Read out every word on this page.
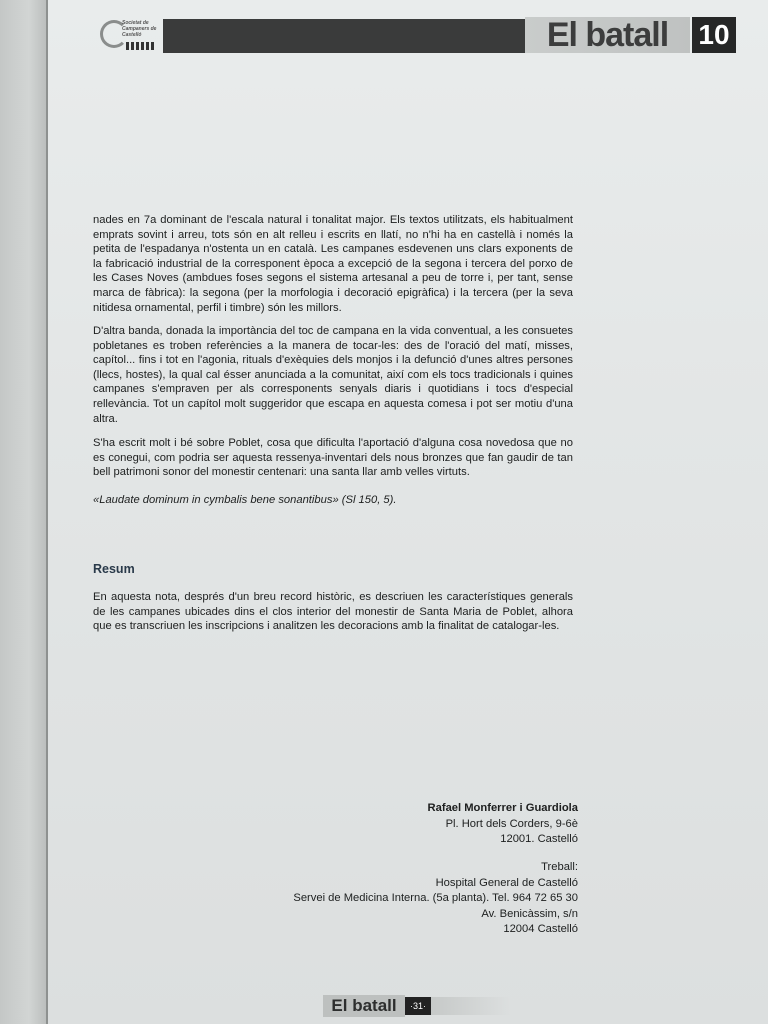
Societat de Campaners de Castelló	El batall	10

nades en 7a dominant de l'escala natural i tonalitat major. Els textos utilitzats, els habitualment emprats sovint i arreu, tots són en alt relleu i escrits en llatí, no n'hi ha en castellà i només la petita de l'espadanya n'ostenta un en català. Les campanes esdevenen uns clars exponents de la fabricació industrial de la corresponent època a excepció de la segona i tercera del porxo de les Cases Noves (ambdues foses segons el sistema artesanal a peu de torre i, per tant, sense marca de fàbrica): la segona (per la morfologia i decoració epigràfica) i la tercera (per la seva nitidesa ornamental, perfil i timbre) són les millors.

D'altra banda, donada la importància del toc de campana en la vida conventual, a les consuetes pobletanes es troben referències a la manera de tocar-les: des de l'oració del matí, misses, capítol... fins i tot en l'agonia, rituals d'exèquies dels monjos i la defunció d'unes altres persones (llecs, hostes), la qual cal ésser anunciada a la comunitat, així com els tocs tradicionals i quines campanes s'empraven per als corresponents senyals diaris i quotidians i tocs d'especial rellevància. Tot un capítol molt suggeridor que escapa en aquesta comesa i pot ser motiu d'una altra.

S'ha escrit molt i bé sobre Poblet, cosa que dificulta l'aportació d'alguna cosa novedosa que no es conegui, com podria ser aquesta ressenya-inventari dels nous bronzes que fan gaudir de tan bell patrimoni sonor del monestir centenari: una santa llar amb velles virtuts.

«Laudate dominum in cymbalis bene sonantibus» (Sl 150, 5).
Resum

En aquesta nota, després d'un breu record històric, es descriuen les característiques generals de les campanes ubicades dins el clos interior del monestir de Santa Maria de Poblet, alhora que es transcriuen les inscripcions i analitzen les decoracions amb la finalitat de catalogar-les.

Rafael Monferrer i Guardiola
Pl. Hort dels Corders, 9-6è
12001. Castelló
Treball:
Hospital General de Castelló
Servei de Medicina Interna. (5a planta). Tel. 964 72 65 30
Av. Benicàssim, s/n
12004 Castelló
El batall	·31·
